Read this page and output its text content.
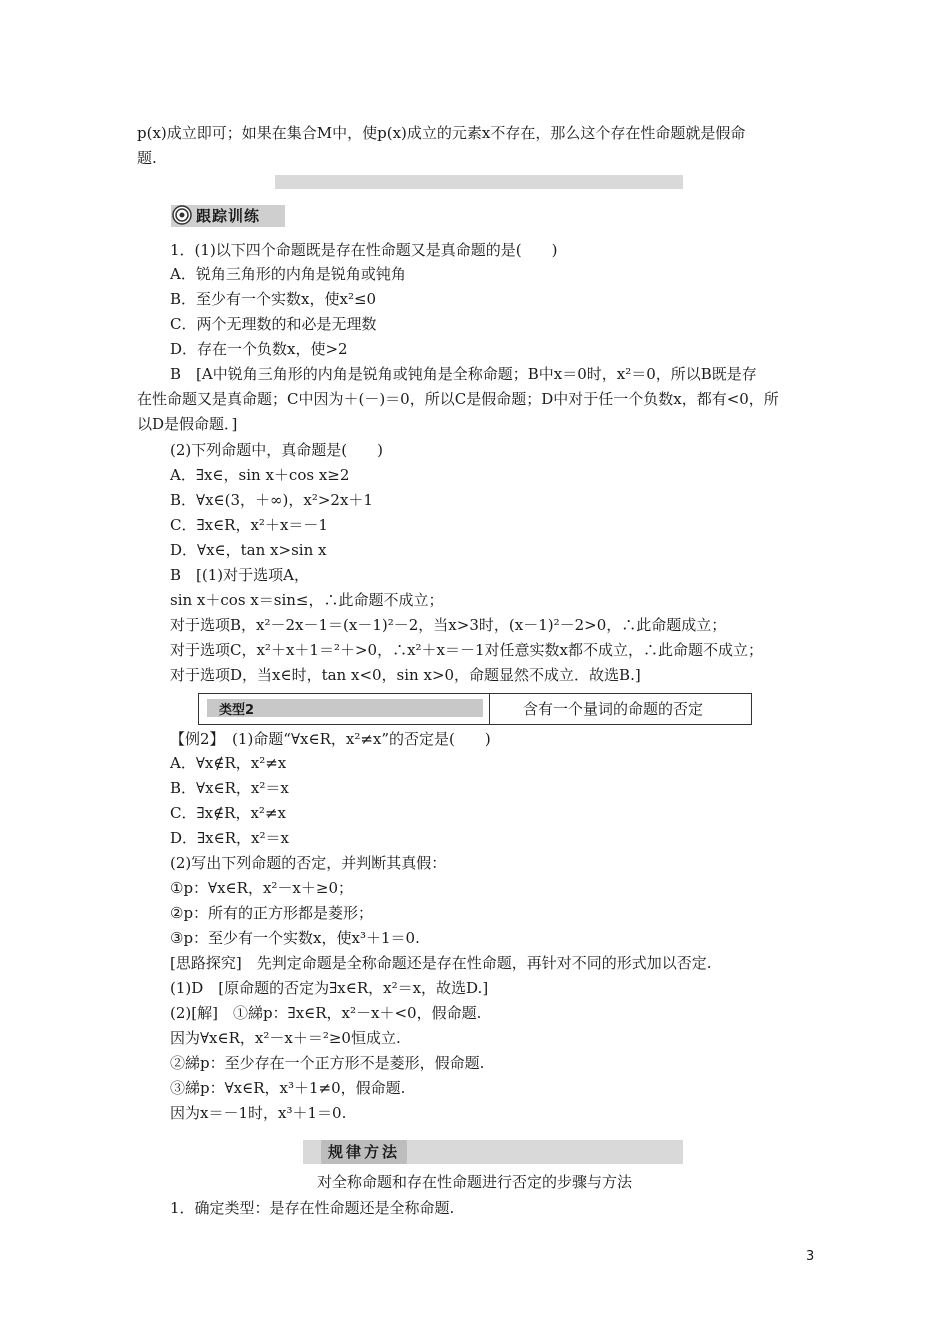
p(x)成立即可；如果在集合M中，使p(x)成立的元素x不存在，那么这个存在性命题就是假命
题.
跟踪训练
1．(1)以下四个命题既是存在性命题又是真命题的是(　　)
A．锐角三角形的内角是锐角或钝角
B．至少有一个实数x，使x²≤0
C．两个无理数的和必是无理数
D．存在一个负数x，使>2
B　[A中锐角三角形的内角是锐角或钝角是全称命题；B中x＝0时，x²＝0，所以B既是存
在性命题又是真命题；C中因为＋(－)＝0，所以C是假命题；D中对于任一个负数x，都有<0，所
以D是假命题．]
(2)下列命题中，真命题是(　　)
A．∃x∈，sin x＋cos x≥2
B．∀x∈(3，＋∞)，x²>2x＋1
C．∃x∈R，x²＋x＝－1
D．∀x∈，tan x>sin x
B　[(1)对于选项A，
sin x＋cos x＝sin≤，∴此命题不成立；
对于选项B，x²－2x－1＝(x－1)²－2，当x>3时，(x－1)²－2>0，∴此命题成立；
对于选项C，x²＋x＋1＝²＋>0，∴x²＋x＝－1对任意实数x都不成立，∴此命题不成立；
对于选项D，当x∈时，tan x<0，sin x>0，命题显然不成立．故选B.]
类型2	含有一个量词的命题的否定
【例2】　(1)命题“∀x∈R，x²≠x”的否定是(　　)
A．∀x∉R，x²≠x
B．∀x∈R，x²＝x
C．∃x∉R，x²≠x
D．∃x∈R，x²＝x
(2)写出下列命题的否定，并判断其真假：
①p：∀x∈R，x²－x＋≥0；
②p：所有的正方形都是菱形；
③p：至少有一个实数x，使x³＋1＝0.
[思路探究]　先判定命题是全称命题还是存在性命题，再针对不同的形式加以否定.
(1)D　[原命题的否定为∃x∈R，x²＝x，故选D.]
(2)[解]　①綈p：∃x∈R，x²－x＋<0，假命题.
因为∀x∈R，x²－x＋＝²≥0恒成立.
②綈p：至少存在一个正方形不是菱形，假命题.
③綈p：∀x∈R，x³＋1≠0，假命题.
因为x＝－1时，x³＋1＝0.
规律方法
对全称命题和存在性命题进行否定的步骤与方法
1．确定类型：是存在性命题还是全称命题.
3
